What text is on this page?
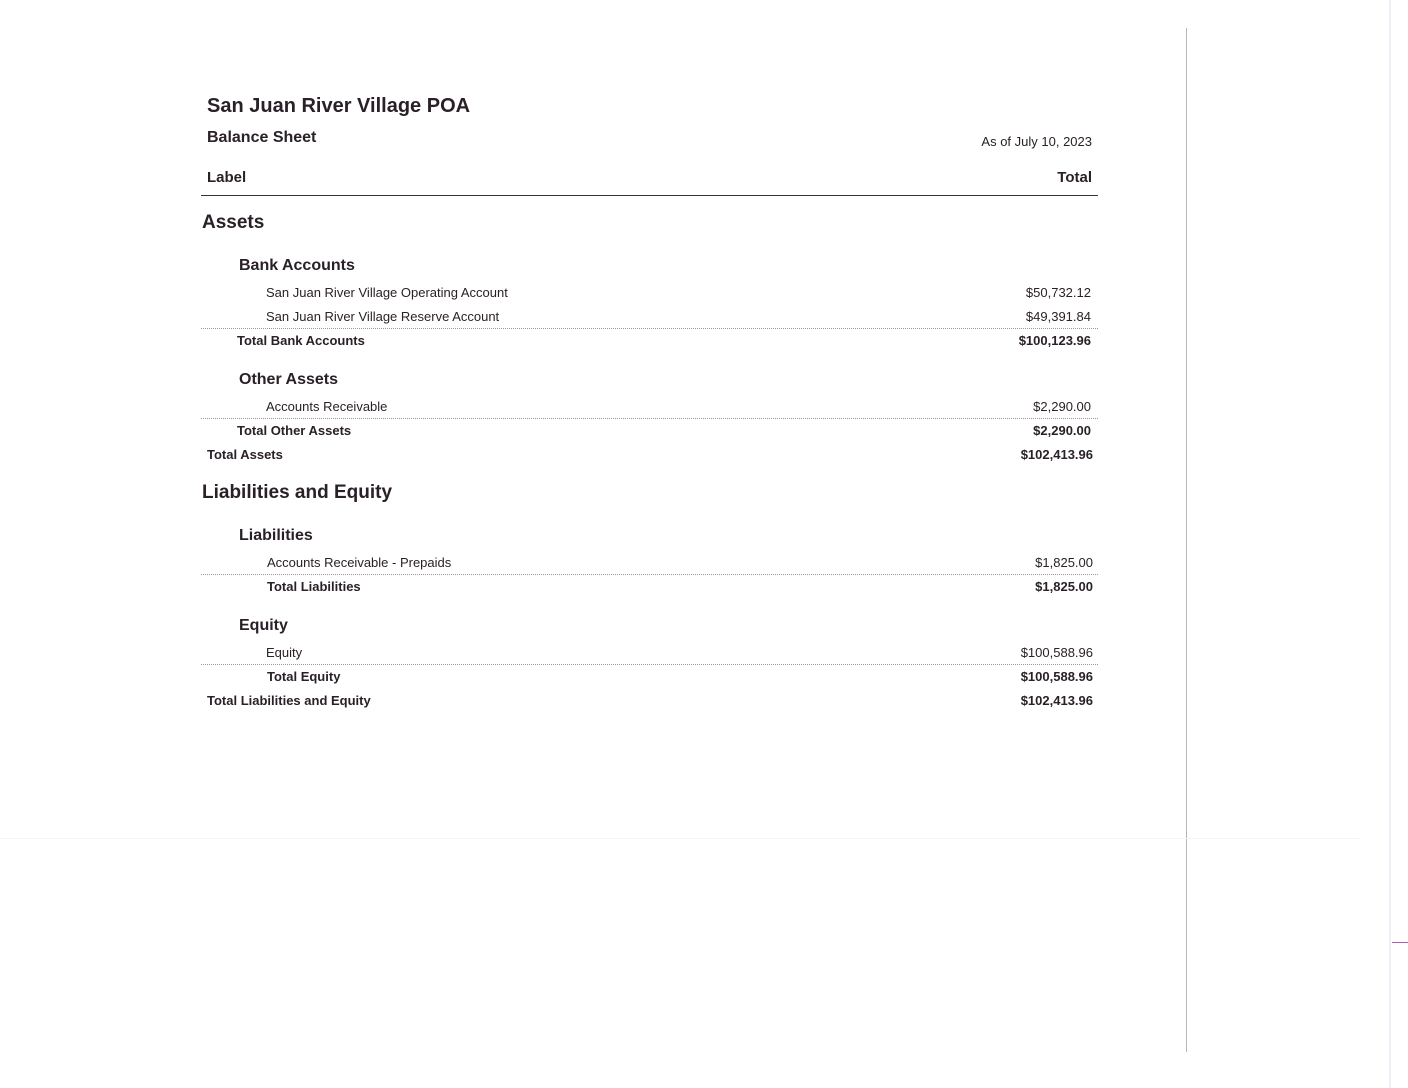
San Juan River Village POA
Balance Sheet	As of July 10, 2023
Label	Total
Assets
Bank Accounts
San Juan River Village Operating Account	$50,732.12
San Juan River Village Reserve Account	$49,391.84
Total Bank Accounts	$100,123.96
Other Assets
Accounts Receivable	$2,290.00
Total Other Assets	$2,290.00
Total Assets	$102,413.96
Liabilities and Equity
Liabilities
Accounts Receivable - Prepaids	$1,825.00
Total Liabilities	$1,825.00
Equity
Equity	$100,588.96
Total Equity	$100,588.96
Total Liabilities and Equity	$102,413.96
